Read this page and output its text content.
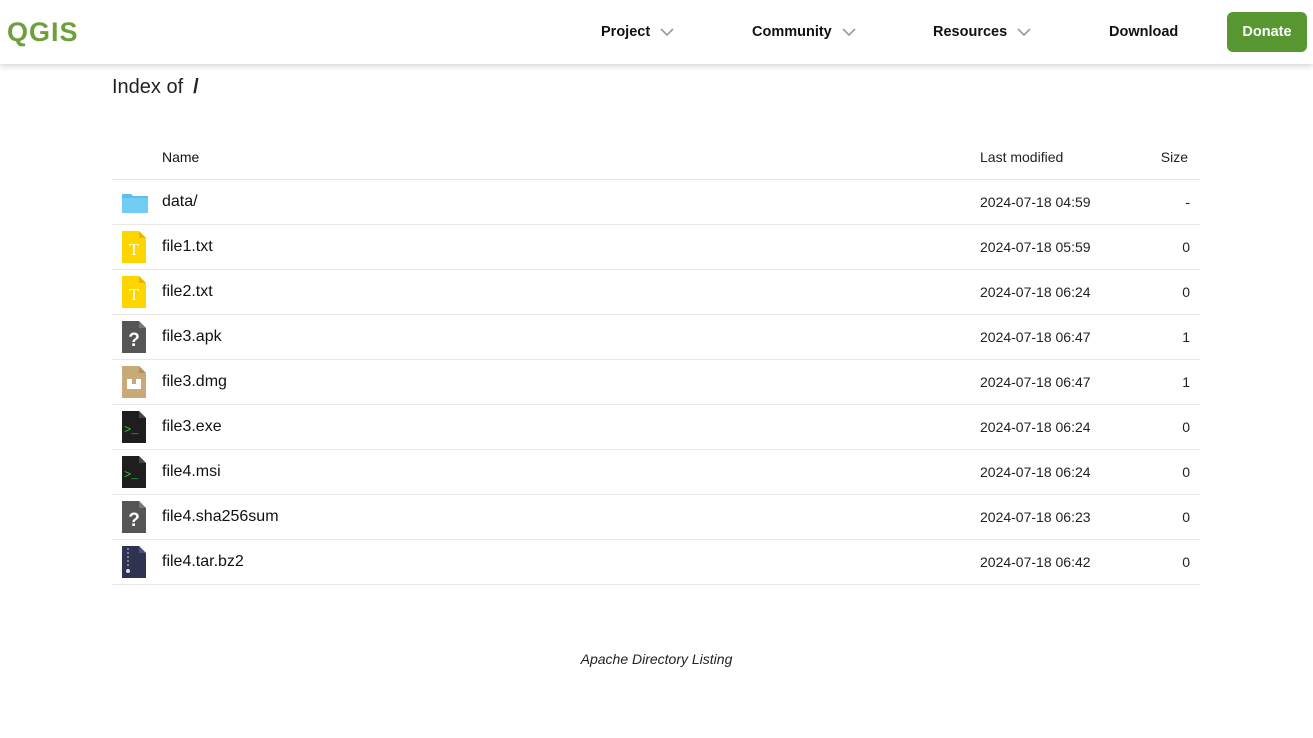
QGIS	Project	Community	Resources	Download	Donate
Index of /
Name	Last modified	Size
data/	2024-07-18 04:59	-
T file1.txt	2024-07-18 05:59	0
T file2.txt	2024-07-18 06:24	0
? file3.apk	2024-07-18 06:47	1
file3.dmg	2024-07-18 06:47	1
>_ file3.exe	2024-07-18 06:24	0
>_ file4.msi	2024-07-18 06:24	0
? file4.sha256sum	2024-07-18 06:23	0
file4.tar.bz2	2024-07-18 06:42	0
Apache Directory Listing
